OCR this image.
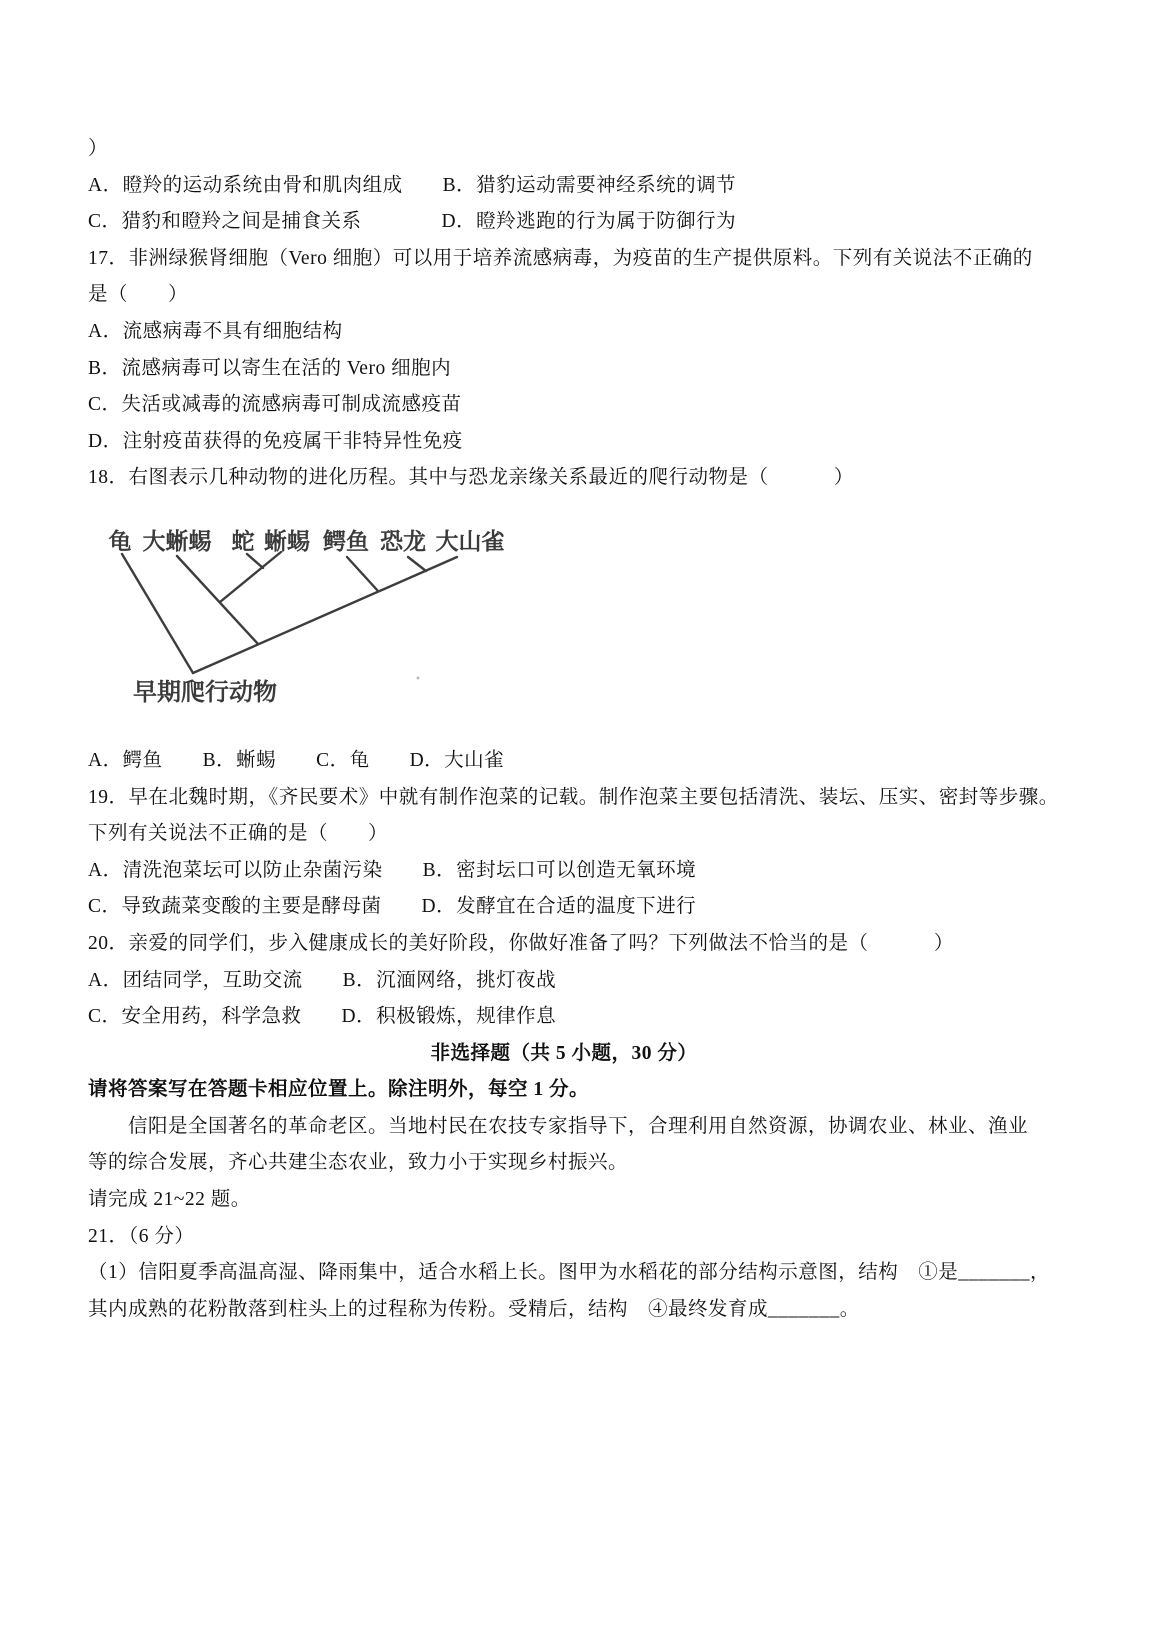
）
A．瞪羚的运动系统由骨和肌肉组成　　B．猎豹运动需要神经系统的调节
C．猎豹和瞪羚之间是捕食关系　　　　D．瞪羚逃跑的行为属于防御行为
17．非洲绿猴肾细胞（Vero 细胞）可以用于培养流感病毒，为疫苗的生产提供原料。下列有关说法不正确的
是（　　）
A．流感病毒不具有细胞结构
B．流感病毒可以寄生在活的 Vero 细胞内
C．失活或减毒的流感病毒可制成流感疫苗
D．注射疫苗获得的免疫属干非特异性免疫
18．右图表示几种动物的进化历程。其中与恐龙亲缘关系最近的爬行动物是（　　　 ）
龟 大蜥蜴 蛇 蜥蜴 鳄鱼 恐龙 大山雀
早期爬行动物
A．鳄鱼　　B．蜥蜴　　C．龟　　D．大山雀
19．早在北魏时期，《齐民要术》中就有制作泡菜的记载。制作泡菜主要包括清洗、装坛、压实、密封等步骤。
下列有关说法不正确的是（　　）
A．清洗泡菜坛可以防止杂菌污染　　B．密封坛口可以创造无氧环境
C．导致蔬菜变酸的主要是酵母菌　　D．发酵宜在合适的温度下进行
20．亲爱的同学们，步入健康成长的美好阶段，你做好准备了吗？下列做法不恰当的是（　　　 ）
A．团结同学，互助交流　　B．沉湎网络，挑灯夜战
C．安全用药，科学急救　　D．积极锻炼，规律作息
非选择题（共 5 小题，30 分）
请将答案写在答题卡相应位置上。除注明外，每空 1 分。
　　信阳是全国著名的革命老区。当地村民在农技专家指导下，合理利用自然资源，协调农业、林业、渔业
等的综合发展，齐心共建尘态农业，致力小于实现乡村振兴。
请完成 21~22 题。
21．（6 分）
（1）信阳夏季高温高湿、降雨集中，适合水稻上长。图甲为水稻花的部分结构示意图，结构　①是_______，
其内成熟的花粉散落到柱头上的过程称为传粉。受精后，结构　④最终发育成_______。
